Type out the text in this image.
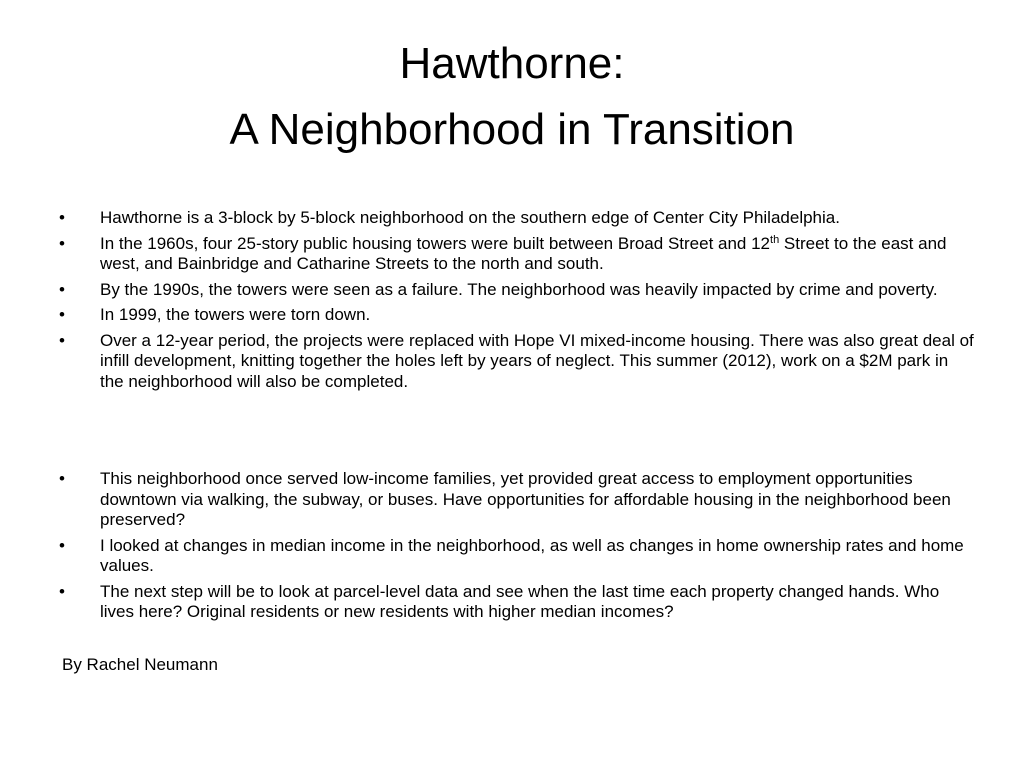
Hawthorne:
A Neighborhood in Transition
• Hawthorne is a 3-block by 5-block neighborhood on the southern edge of Center City Philadelphia.
• In the 1960s, four 25-story public housing towers were built between Broad Street and 12th Street to the east and west, and Bainbridge and Catharine Streets to the north and south.
• By the 1990s, the towers were seen as a failure. The neighborhood was heavily impacted by crime and poverty.
• In 1999, the towers were torn down.
• Over a 12-year period, the projects were replaced with Hope VI mixed-income housing. There was also great deal of infill development, knitting together the holes left by years of neglect. This summer (2012), work on a $2M park in the neighborhood will also be completed.
• This neighborhood once served low-income families, yet provided great access to employment opportunities downtown via walking, the subway, or buses. Have opportunities for affordable housing in the neighborhood been preserved?
• I looked at changes in median income in the neighborhood, as well as changes in home ownership rates and home values.
• The next step will be to look at parcel-level data and see when the last time each property changed hands. Who lives here? Original residents or new residents with higher median incomes?
By Rachel Neumann
